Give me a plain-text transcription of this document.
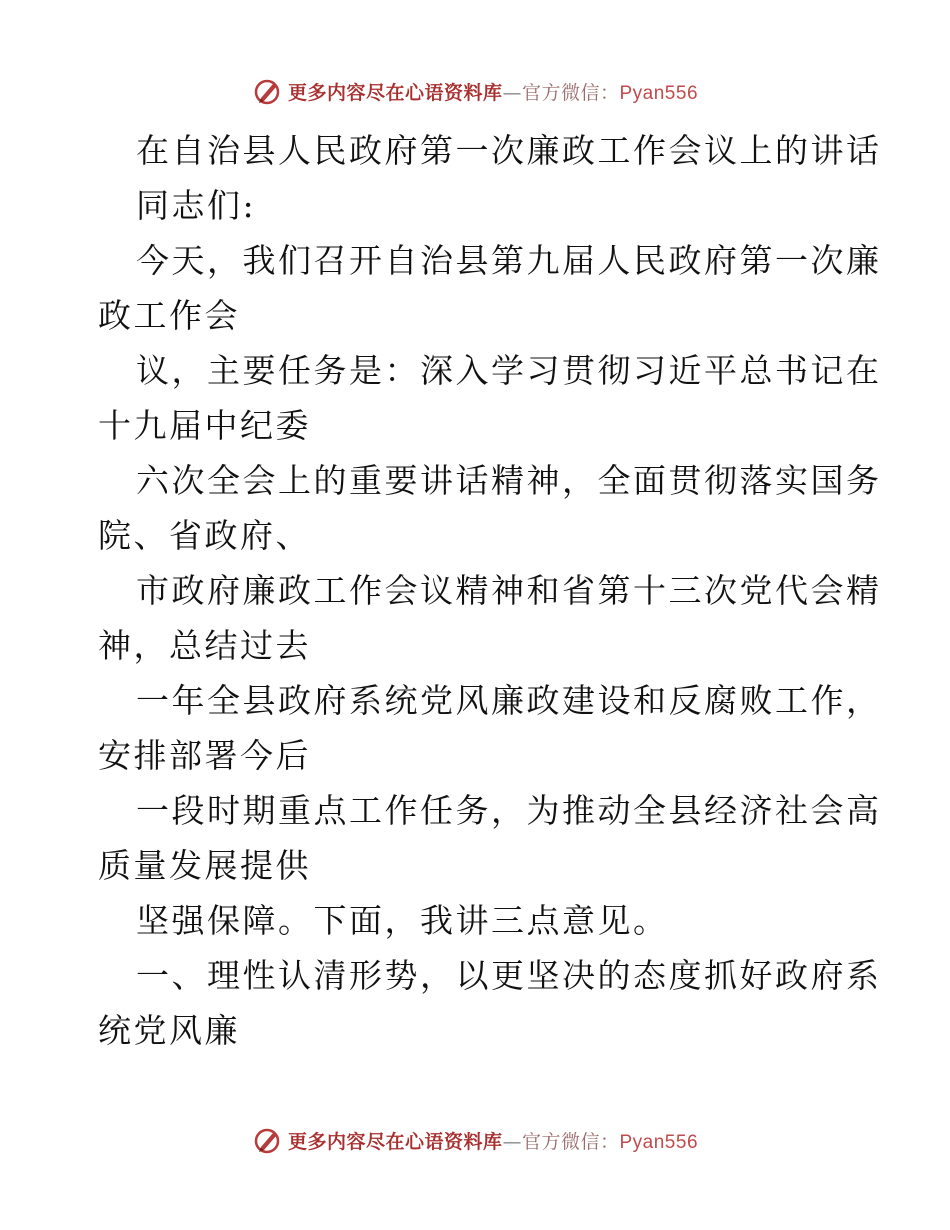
更多内容尽在心语资料库—官方微信：Pyan556
在自治县人民政府第一次廉政工作会议上的讲话
同志们:
今天，我们召开自治县第九届人民政府第一次廉
政工作会
议，主要任务是：深入学习贯彻习近平总书记在
十九届中纪委
六次全会上的重要讲话精神，全面贯彻落实国务
院、省政府、
市政府廉政工作会议精神和省第十三次党代会精
神，总结过去
一年全县政府系统党风廉政建设和反腐败工作，
安排部署今后
一段时期重点工作任务，为推动全县经济社会高
质量发展提供
坚强保障。下面，我讲三点意见。
一、理性认清形势，以更坚决的态度抓好政府系
统党风廉
更多内容尽在心语资料库—官方微信：Pyan556
